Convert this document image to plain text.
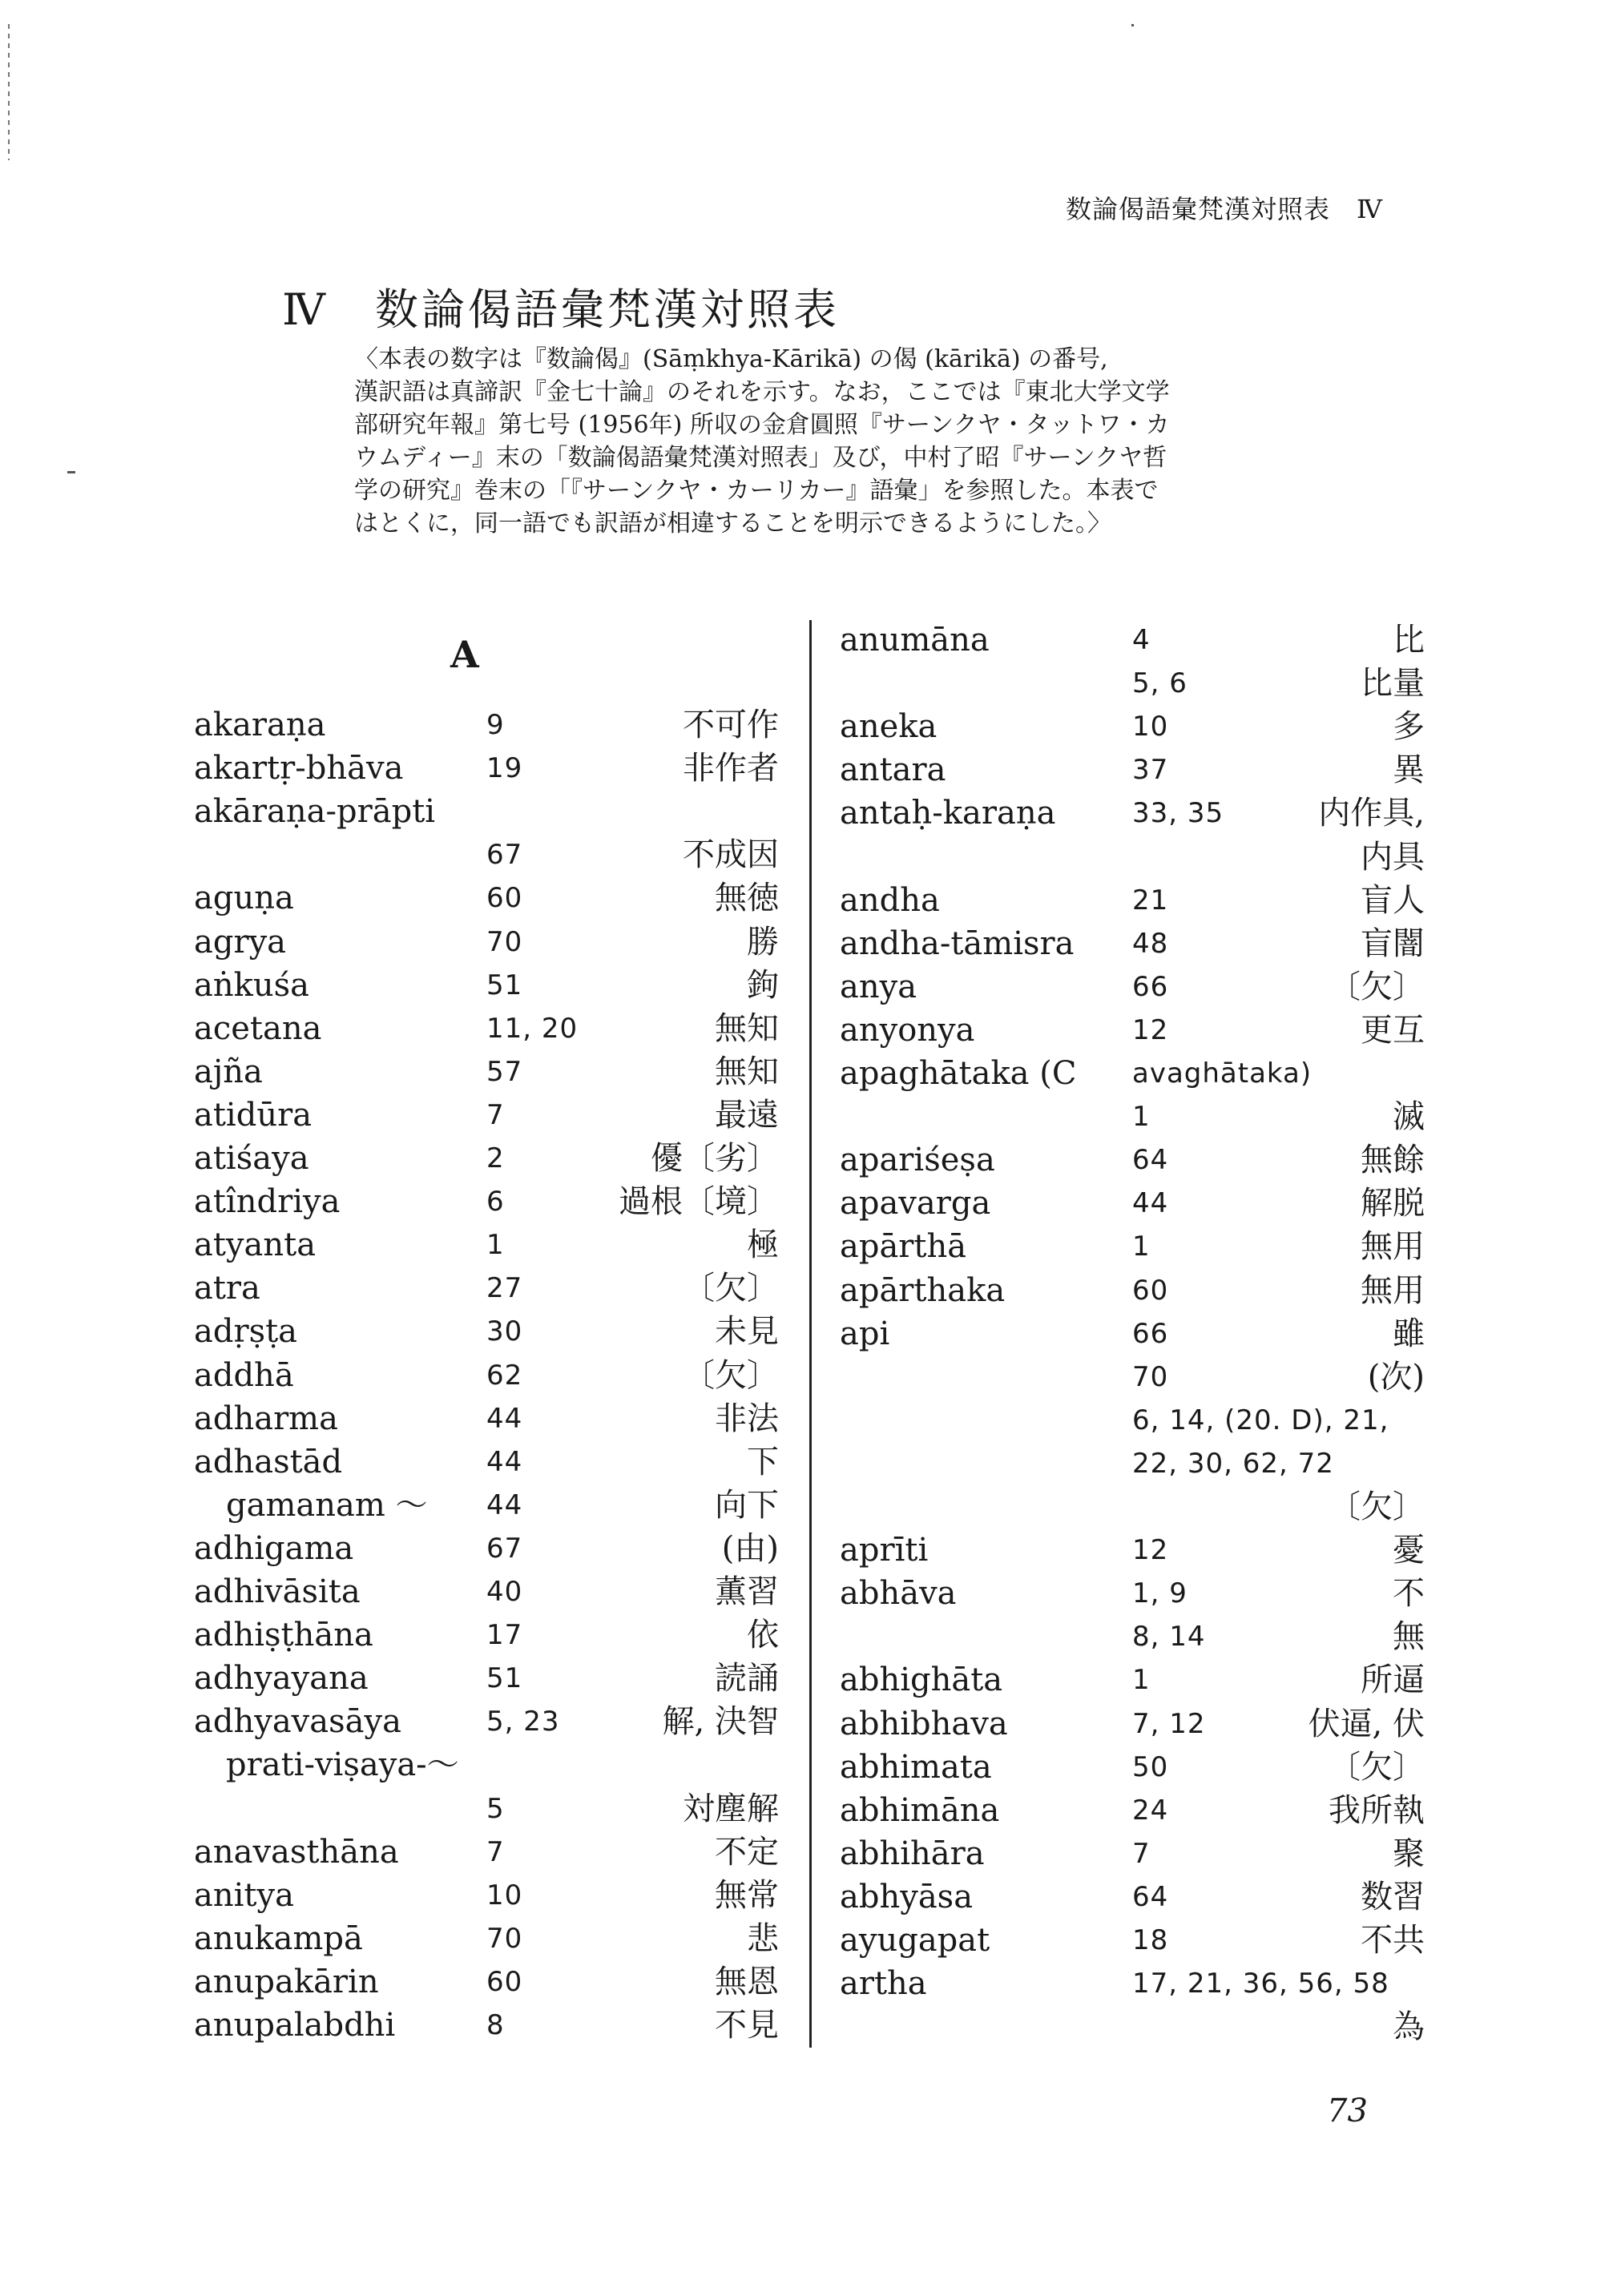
数論偈語彙梵漢対照表　Ⅳ
Ⅳ　数論偈語彙梵漢対照表
〈本表の数字は『数論偈』(Sāṃkhya-Kārikā) の偈 (kārikā) の番号,
漢訳語は真諦訳『金七十論』のそれを示す。なお，ここでは『東北大学文学
部研究年報』第七号 (1956年) 所収の金倉圓照『サーンクヤ・タットワ・カ
ウムディー』末の「数論偈語彙梵漢対照表」及び，中村了昭『サーンクヤ哲
学の研究』巻末の「『サーンクヤ・カーリカー』語彙」を参照した。本表で
はとくに，同一語でも訳語が相違することを明示できるようにした。〉
A
akaraṇa	9	不可作
akartṛ-bhāva	19	非作者
akāraṇa-prāpti
67	不成因
aguṇa	60	無徳
agrya	70	勝
aṅkuśa	51	鉤
acetana	11, 20	無知
ajña	57	無知
atidūra	7	最遠
atiśaya	2	優〔劣〕
atîndriya	6	過根〔境〕
atyanta	1	極
atra	27	〔欠〕
adṛṣṭa	30	未見
addhā	62	〔欠〕
adharma	44	非法
adhastād	44	下
　gamanam ～ 44	向下
adhigama	67	(由)
adhivāsita	40	薫習
adhiṣṭhāna	17	依
adhyayana	51	読誦
adhyavasāya	5, 23	解, 決智
　prati-viṣaya-～
5	対塵解
anavasthāna	7	不定
anitya	10	無常
anukampā	70	悲
anupakārin	60	無恩
anupalabdhi	8	不見
anumāna	4	比
5, 6	比量
aneka	10	多
antara	37	異
antaḥ-karaṇa	33, 35	内作具,
内具
andha	21	盲人
andha-tāmisra 48	盲闇
anya	66	〔欠〕
anyonya	12	更互
apaghātaka (C avaghātaka)
1	滅
apariśeṣa	64	無餘
apavarga	44	解脱
apārthā	1	無用
apārthaka	60	無用
api	66	雖
70	(次)
6, 14, (20. D), 21,
22, 30, 62, 72
〔欠〕
aprīti	12	憂
abhāva	1, 9	不
8, 14	無
abhighāta	1	所逼
abhibhava	7, 12	伏逼, 伏
abhimata	50	〔欠〕
abhimāna	24	我所執
abhihāra	7	聚
abhyāsa	64	数習
ayugapat	18	不共
artha	17, 21, 36, 56, 58
為
73
